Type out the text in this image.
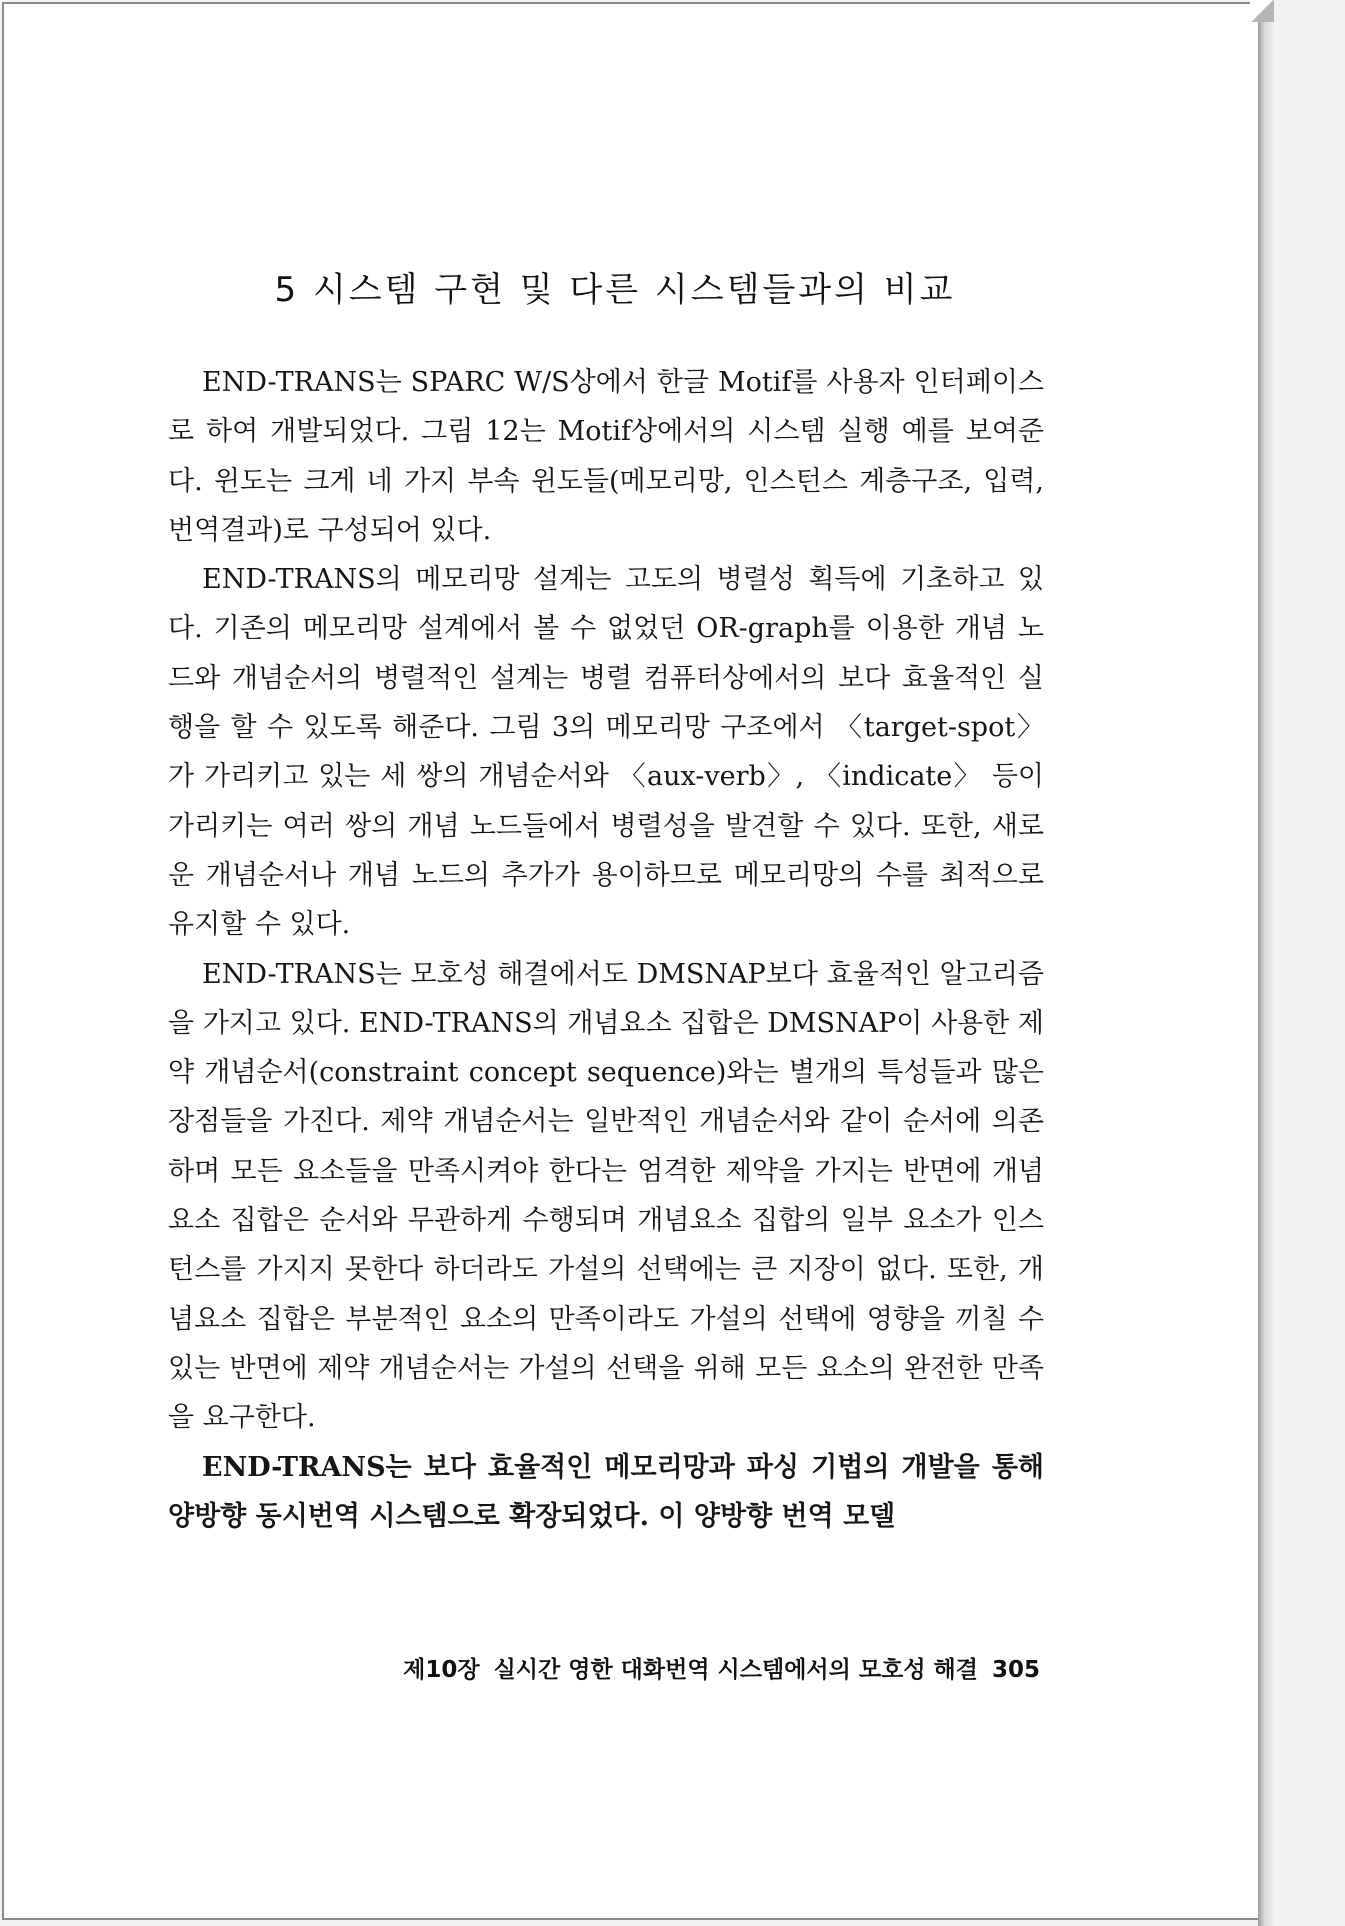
5 시스템 구현 및 다른 시스템들과의 비교

END-TRANS는 SPARC W/S상에서 한글 Motif를 사용자 인터페이스로 하여 개발되었다. 그림 12는 Motif상에서의 시스템 실행 예를 보여준다. 윈도는 크게 네 가지 부속 윈도들(메모리망, 인스턴스 계층구조, 입력, 번역결과)로 구성되어 있다.

END-TRANS의 메모리망 설계는 고도의 병렬성 획득에 기초하고 있다. 기존의 메모리망 설계에서 볼 수 없었던 OR-graph를 이용한 개념 노드와 개념순서의 병렬적인 설계는 병렬 컴퓨터상에서의 보다 효율적인 실행을 할 수 있도록 해준다. 그림 3의 메모리망 구조에서 〈target-spot〉가 가리키고 있는 세 쌍의 개념순서와 〈aux-verb〉, 〈indicate〉 등이 가리키는 여러 쌍의 개념 노드들에서 병렬성을 발견할 수 있다. 또한, 새로운 개념순서나 개념 노드의 추가가 용이하므로 메모리망의 수를 최적으로 유지할 수 있다.

END-TRANS는 모호성 해결에서도 DMSNAP보다 효율적인 알고리즘을 가지고 있다. END-TRANS의 개념요소 집합은 DMSNAP이 사용한 제약 개념순서(constraint concept sequence)와는 별개의 특성들과 많은 장점들을 가진다. 제약 개념순서는 일반적인 개념순서와 같이 순서에 의존하며 모든 요소들을 만족시켜야 한다는 엄격한 제약을 가지는 반면에 개념요소 집합은 순서와 무관하게 수행되며 개념요소 집합의 일부 요소가 인스턴스를 가지지 못한다 하더라도 가설의 선택에는 큰 지장이 없다. 또한, 개념요소 집합은 부분적인 요소의 만족이라도 가설의 선택에 영향을 끼칠 수 있는 반면에 제약 개념순서는 가설의 선택을 위해 모든 요소의 완전한 만족을 요구한다.

END-TRANS는 보다 효율적인 메모리망과 파싱 기법의 개발을 통해 양방향 동시번역 시스템으로 확장되었다. 이 양방향 번역 모델

제10장 실시간 영한 대화번역 시스템에서의 모호성 해결 305
